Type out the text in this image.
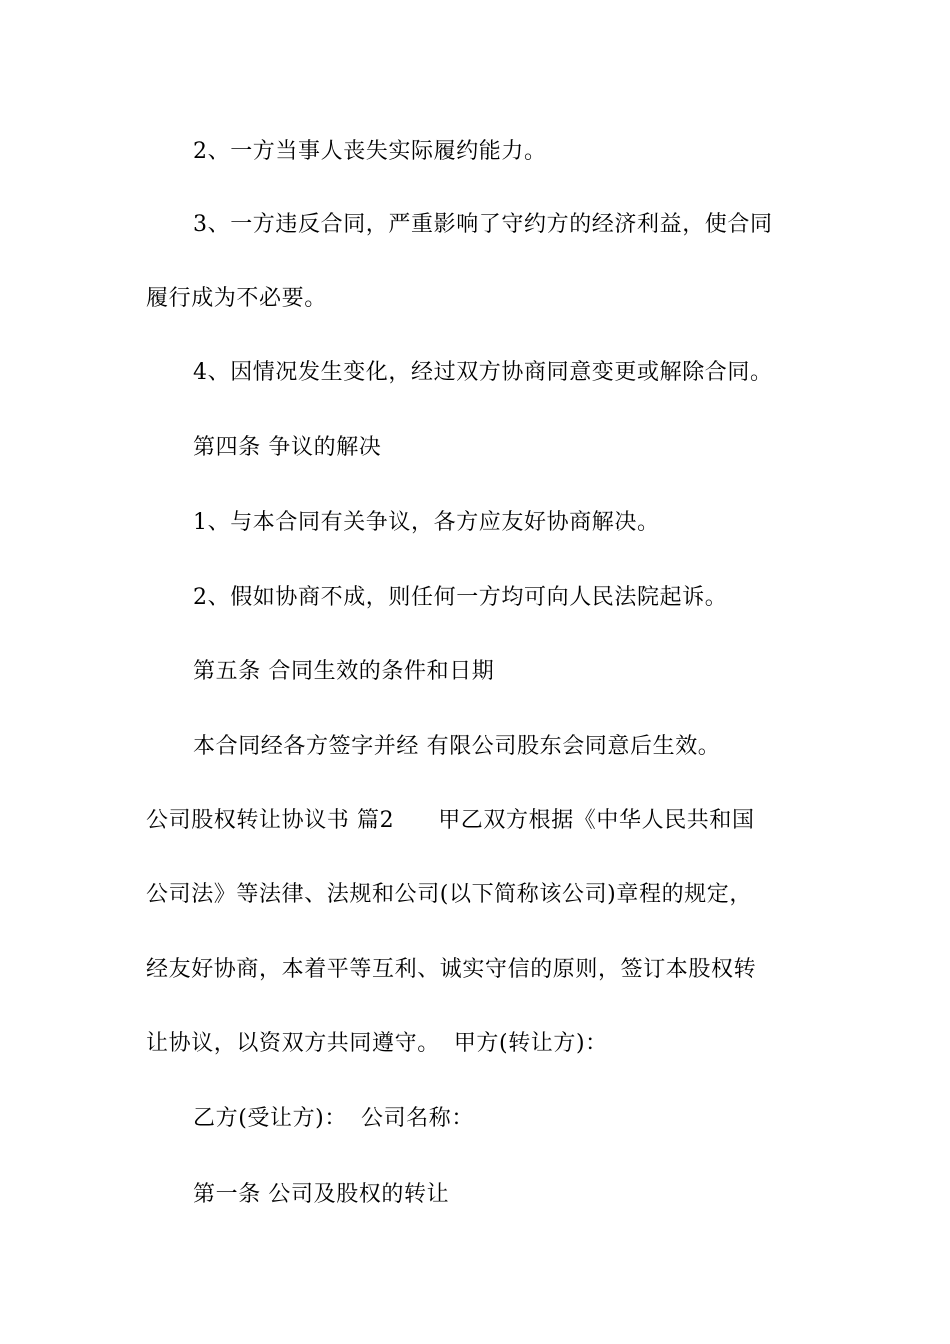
2、一方当事人丧失实际履约能力。
3、一方违反合同，严重影响了守约方的经济利益，使合同
履行成为不必要。
4、因情况发生变化，经过双方协商同意变更或解除合同。
第四条 争议的解决
1、与本合同有关争议，各方应友好协商解决。
2、假如协商不成，则任何一方均可向人民法院起诉。
第五条 合同生效的条件和日期
本合同经各方签字并经 有限公司股东会同意后生效。
公司股权转让协议书 篇2 甲乙双方根据《中华人民共和国
公司法》等法律、法规和公司(以下简称该公司)章程的规定，
经友好协商，本着平等互利、诚实守信的原则，签订本股权转
让协议，以资双方共同遵守。 甲方(转让方)：
乙方(受让方)： 公司名称：
第一条 公司及股权的转让
